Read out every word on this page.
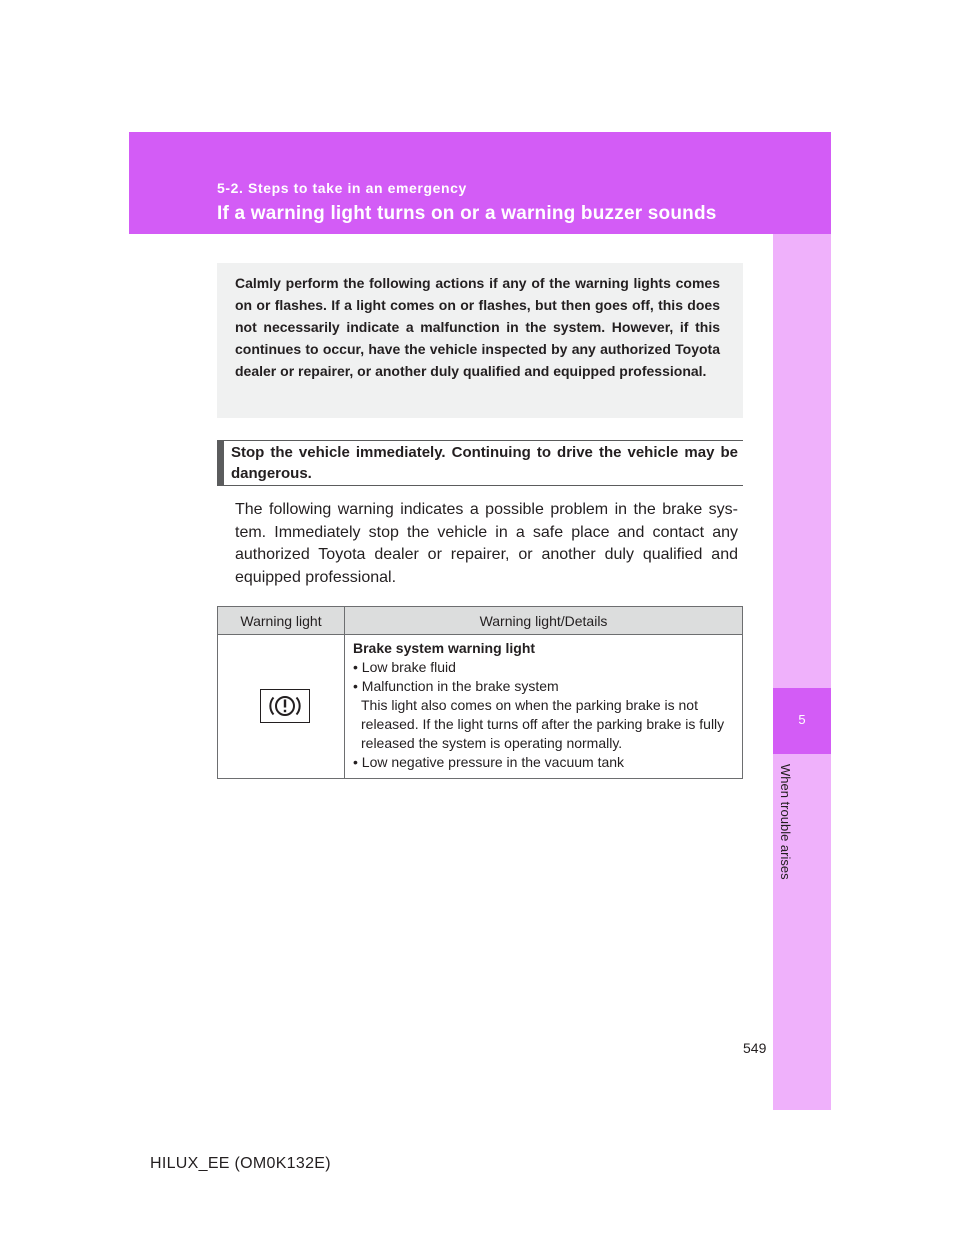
5-2. Steps to take in an emergency
If a warning light turns on or a warning buzzer sounds
5
When trouble arises
Calmly perform the following actions if any of the warning lights comes on or flashes. If a light comes on or flashes, but then goes off, this does not necessarily indicate a malfunction in the system. However, if this continues to occur, have the vehicle inspected by any authorized Toyota dealer or repairer, or another duly qualified and equipped professional.
Stop the vehicle immediately. Continuing to drive the vehicle may be dangerous.
The following warning indicates a possible problem in the brake sys-tem. Immediately stop the vehicle in a safe place and contact any authorized Toyota dealer or repairer, or another duly qualified and equipped professional.
Warning light	Warning light/Details

Brake system warning light
• Low brake fluid
• Malfunction in the brake system
This light also comes on when the parking brake is not released. If the light turns off after the parking brake is fully released the system is operating normally.
• Low negative pressure in the vacuum tank
549
HILUX_EE (OM0K132E)
